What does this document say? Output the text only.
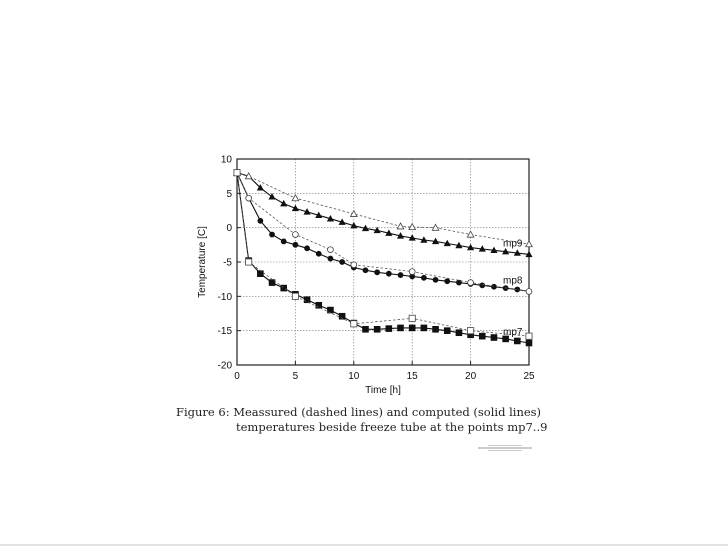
10
5
0
-5
-10
-15
-20
0	5	10	15	20	25
mp9
mp8
mp7
Time [h]
Temperature [C]
Figure 6: Meassured (dashed lines) and computed (solid lines)
temperatures beside freeze tube at the points mp7..9
